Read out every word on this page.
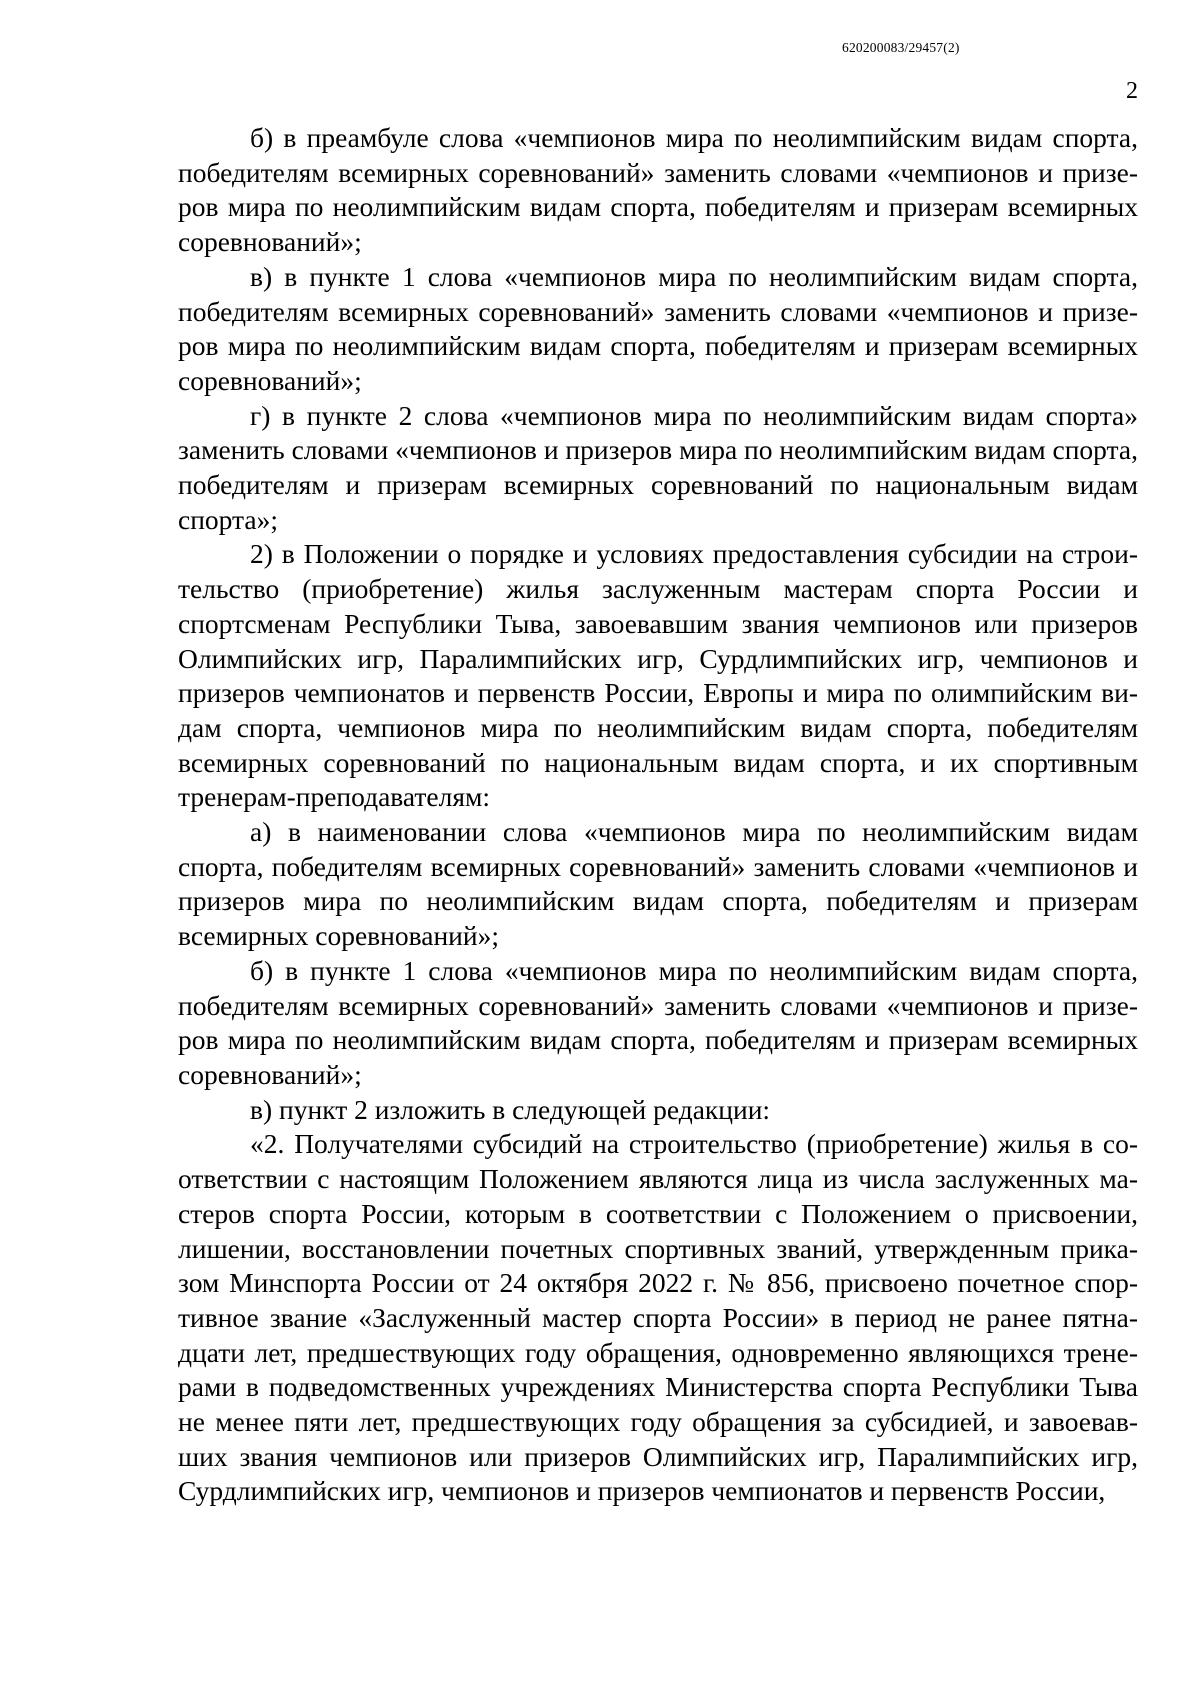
620200083/29457(2)
2

б) в преамбуле слова «чемпионов мира по неолимпийским видам спорта, победителям всемирных соревнований» заменить словами «чемпионов и призеров мира по неолимпийским видам спорта, победителям и призерам всемирных соревнований»;

в) в пункте 1 слова «чемпионов мира по неолимпийским видам спорта, победителям всемирных соревнований» заменить словами «чемпионов и призеров мира по неолимпийским видам спорта, победителям и призерам всемирных соревнований»;

г) в пункте 2 слова «чемпионов мира по неолимпийским видам спорта» заменить словами «чемпионов и призеров мира по неолимпийским видам спорта, победителям и призерам всемирных соревнований по национальным видам спорта»;

2) в Положении о порядке и условиях предоставления субсидии на строительство (приобретение) жилья заслуженным мастерам спорта России и спортсменам Республики Тыва, завоевавшим звания чемпионов или призеров Олимпийских игр, Паралимпийских игр, Сурдлимпийских игр, чемпионов и призеров чемпионатов и первенств России, Европы и мира по олимпийским видам спорта, чемпионов мира по неолимпийским видам спорта, победителям всемирных соревнований по национальным видам спорта, и их спортивным тренерам-преподавателям:

а) в наименовании слова «чемпионов мира по неолимпийским видам спорта, победителям всемирных соревнований» заменить словами «чемпионов и призеров мира по неолимпийским видам спорта, победителям и призерам всемирных соревнований»;

б) в пункте 1 слова «чемпионов мира по неолимпийским видам спорта, победителям всемирных соревнований» заменить словами «чемпионов и призеров мира по неолимпийским видам спорта, победителям и призерам всемирных соревнований»;

в) пункт 2 изложить в следующей редакции:

«2. Получателями субсидий на строительство (приобретение) жилья в соответствии с настоящим Положением являются лица из числа заслуженных мастеров спорта России, которым в соответствии с Положением о присвоении, лишении, восстановлении почетных спортивных званий, утвержденным приказом Минспорта России от 24 октября 2022 г. № 856, присвоено почетное спортивное звание «Заслуженный мастер спорта России» в период не ранее пятнадцати лет, предшествующих году обращения, одновременно являющихся тренерами в подведомственных учреждениях Министерства спорта Республики Тыва не менее пяти лет, предшествующих году обращения за субсидией, и завоевавших звания чемпионов или призеров Олимпийских игр, Паралимпийских игр, Сурдлимпийских игр, чемпионов и призеров чемпионатов и первенств России,
